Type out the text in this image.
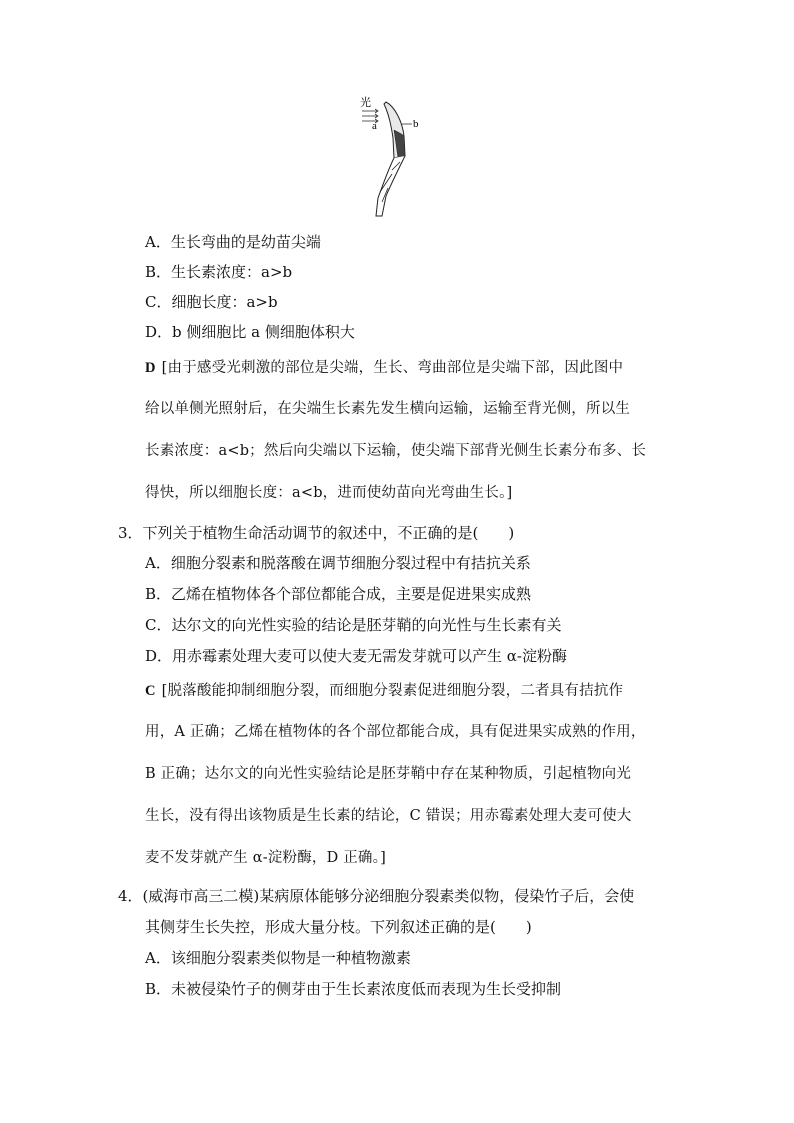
光
a	b
A．生长弯曲的是幼苗尖端
B．生长素浓度：a>b
C．细胞长度：a>b
D．b 侧细胞比 a 侧细胞体积大
D [由于感受光刺激的部位是尖端，生长、弯曲部位是尖端下部，因此图中
给以单侧光照射后，在尖端生长素先发生横向运输，运输至背光侧，所以生
长素浓度：a<b；然后向尖端以下运输，使尖端下部背光侧生长素分布多、长
得快，所以细胞长度：a<b，进而使幼苗向光弯曲生长。]
3．下列关于植物生命活动调节的叙述中，不正确的是(　　)
A．细胞分裂素和脱落酸在调节细胞分裂过程中有拮抗关系
B．乙烯在植物体各个部位都能合成，主要是促进果实成熟
C．达尔文的向光性实验的结论是胚芽鞘的向光性与生长素有关
D．用赤霉素处理大麦可以使大麦无需发芽就可以产生 α-淀粉酶
C [脱落酸能抑制细胞分裂，而细胞分裂素促进细胞分裂，二者具有拮抗作
用，A 正确；乙烯在植物体的各个部位都能合成，具有促进果实成熟的作用，
B 正确；达尔文的向光性实验结论是胚芽鞘中存在某种物质，引起植物向光
生长，没有得出该物质是生长素的结论，C 错误；用赤霉素处理大麦可使大
麦不发芽就产生 α-淀粉酶，D 正确。]
4．(威海市高三二模)某病原体能够分泌细胞分裂素类似物，侵染竹子后，会使
其侧芽生长失控，形成大量分枝。下列叙述正确的是(　　)
A．该细胞分裂素类似物是一种植物激素
B．未被侵染竹子的侧芽由于生长素浓度低而表现为生长受抑制
